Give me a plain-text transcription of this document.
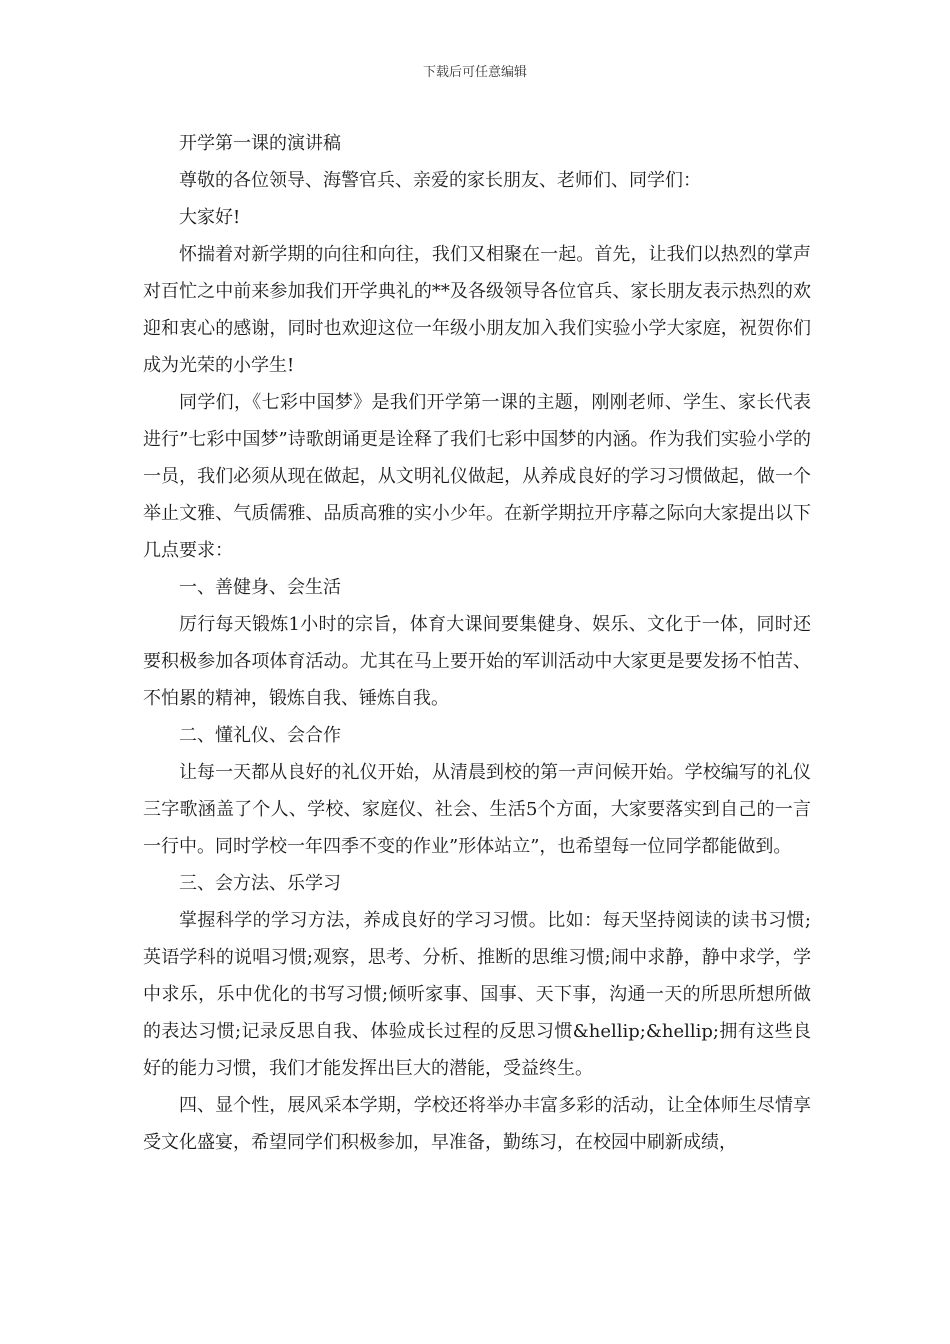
下载后可任意编辑

开学第一课的演讲稿

尊敬的各位领导、海警官兵、亲爱的家长朋友、老师们、同学们：

大家好!

怀揣着对新学期的向往和向往，我们又相聚在一起。首先，让我们以热烈的掌声对百忙之中前来参加我们开学典礼的**及各级领导各位官兵、家长朋友表示热烈的欢迎和衷心的感谢，同时也欢迎这位一年级小朋友加入我们实验小学大家庭，祝贺你们成为光荣的小学生!

同学们，《七彩中国梦》是我们开学第一课的主题，刚刚老师、学生、家长代表进行”七彩中国梦”诗歌朗诵更是诠释了我们七彩中国梦的内涵。作为我们实验小学的一员，我们必须从现在做起，从文明礼仪做起，从养成良好的学习习惯做起，做一个举止文雅、气质儒雅、品质高雅的实小少年。在新学期拉开序幕之际向大家提出以下几点要求：

一、善健身、会生活

厉行每天锻炼1小时的宗旨，体育大课间要集健身、娱乐、文化于一体，同时还要积极参加各项体育活动。尤其在马上要开始的军训活动中大家更是要发扬不怕苦、不怕累的精神，锻炼自我、锤炼自我。

二、懂礼仪、会合作

让每一天都从良好的礼仪开始，从清晨到校的第一声问候开始。学校编写的礼仪三字歌涵盖了个人、学校、家庭仪、社会、生活5个方面，大家要落实到自己的一言一行中。同时学校一年四季不变的作业”形体站立”，也希望每一位同学都能做到。

三、会方法、乐学习

掌握科学的学习方法，养成良好的学习习惯。比如：每天坚持阅读的读书习惯;英语学科的说唱习惯;观察，思考、分析、推断的思维习惯;闹中求静，静中求学，学中求乐，乐中优化的书写习惯;倾听家事、国事、天下事，沟通一天的所思所想所做的表达习惯;记录反思自我、体验成长过程的反思习惯&hellip;&hellip;拥有这些良好的能力习惯，我们才能发挥出巨大的潜能，受益终生。

四、显个性，展风采本学期，学校还将举办丰富多彩的活动，让全体师生尽情享受文化盛宴，希望同学们积极参加，早准备，勤练习，在校园中刷新成绩，
